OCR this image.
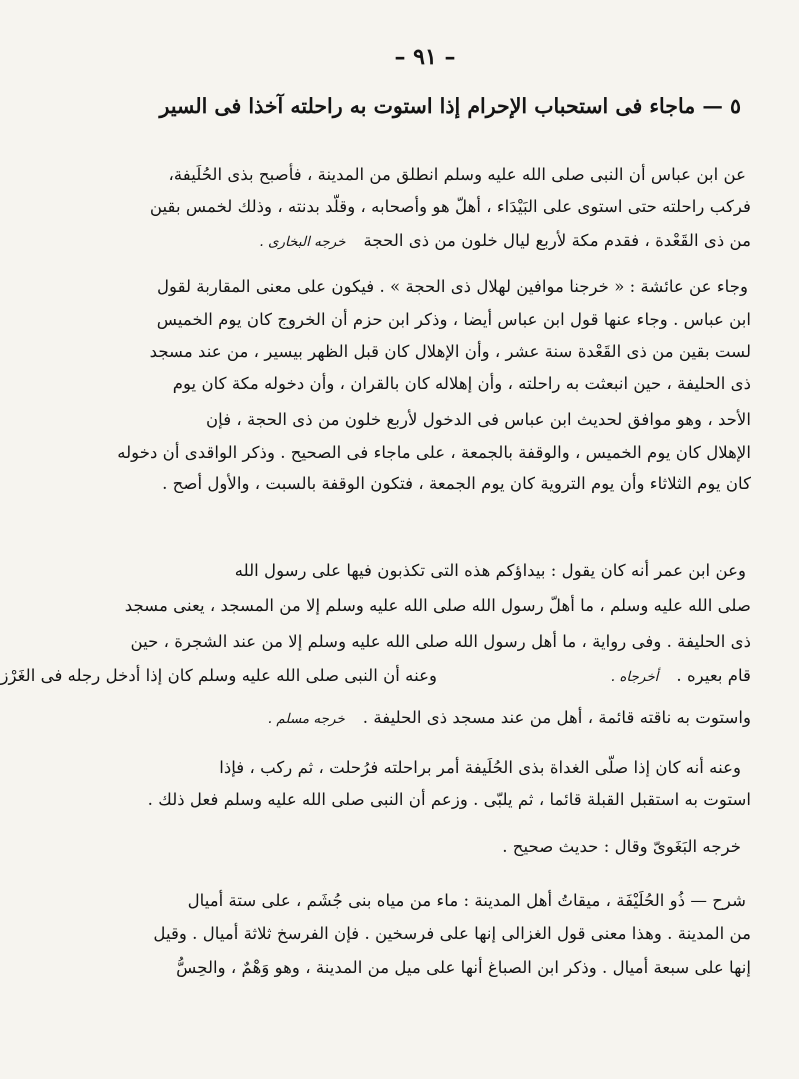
– ٩١ –
٥ — ماجاء فى استحباب الإحرام إذا استوت به راحلته آخذا فى السير
عن ابن عباس أن النبى صلى الله عليه وسلم انطلق من المدينة ، فأصبح بذى الحُلَيفة،
فركب راحلته حتى استوى على البَيْدَاء ، أهلّ هو وأصحابه ، وقلّد بدنته ، وذلك لخمس بقين
من ذى القَعْدة ، فقدم مكة لأربع ليال خلون من ذى الحجةخرجه البخارى .
وجاء عن عائشة : « خرجنا موافين لهلال ذى الحجة » . فيكون على معنى المقاربة لقول
ابن عباس . وجاء عنها قول ابن عباس أيضا ، وذكر ابن حزم أن الخروج كان يوم الخميس
لست بقين من ذى القَعْدة سنة عشر ، وأن الإهلال كان قبل الظهر بيسير ، من عند مسجد
ذى الحليفة ، حين انبعثت به راحلته ، وأن إهلاله كان بالقران ، وأن دخوله مكة كان يوم
الأحد ، وهو موافق لحديث ابن عباس فى الدخول لأربع خلون من ذى الحجة ، فإن
الإهلال كان يوم الخميس ، والوقفة بالجمعة ، على ماجاء فى الصحيح . وذكر الواقدى أن دخوله
كان يوم الثلاثاء وأن يوم التروية كان يوم الجمعة ، فتكون الوقفة بالسبت ، والأول أصح .
وعن ابن عمر أنه كان يقول : بيداؤكم هذه التى تكذبون فيها على رسول الله
صلى الله عليه وسلم ، ما أهلّ رسول الله صلى الله عليه وسلم إلا من المسجد ، يعنى مسجد
ذى الحليفة . وفى رواية ، ما أهل رسول الله صلى الله عليه وسلم إلا من عند الشجرة ، حين
قام بعيره .أخرجاه .
وعنه أن النبى صلى الله عليه وسلم كان إذا أدخل رجله فى الغَرْز
واستوت به ناقته قائمة ، أهل من عند مسجد ذى الحليفة .خرجه مسلم .
وعنه أنه كان إذا صلّى الغداة بذى الحُلَيفة أمر براحلته فرُحلت ، ثم ركب ، فإذا
استوت به استقبل القبلة قائما ، ثم يلبّى . وزعم أن النبى صلى الله عليه وسلم فعل ذلك .
خرجه البَغَوىّ وقال : حديث صحيح .
شرح — ذُو الحُلَيْفَة ، ميقاتُ أهل المدينة : ماء من مياه بنى جُشَم ، على ستة أميال
من المدينة . وهذا معنى قول الغزالى إنها على فرسخين . فإن الفرسخ ثلاثة أميال . وقيل
إنها على سبعة أميال . وذكر ابن الصباغ أنها على ميل من المدينة ، وهو وَهْمٌ ، والحِسُّ
